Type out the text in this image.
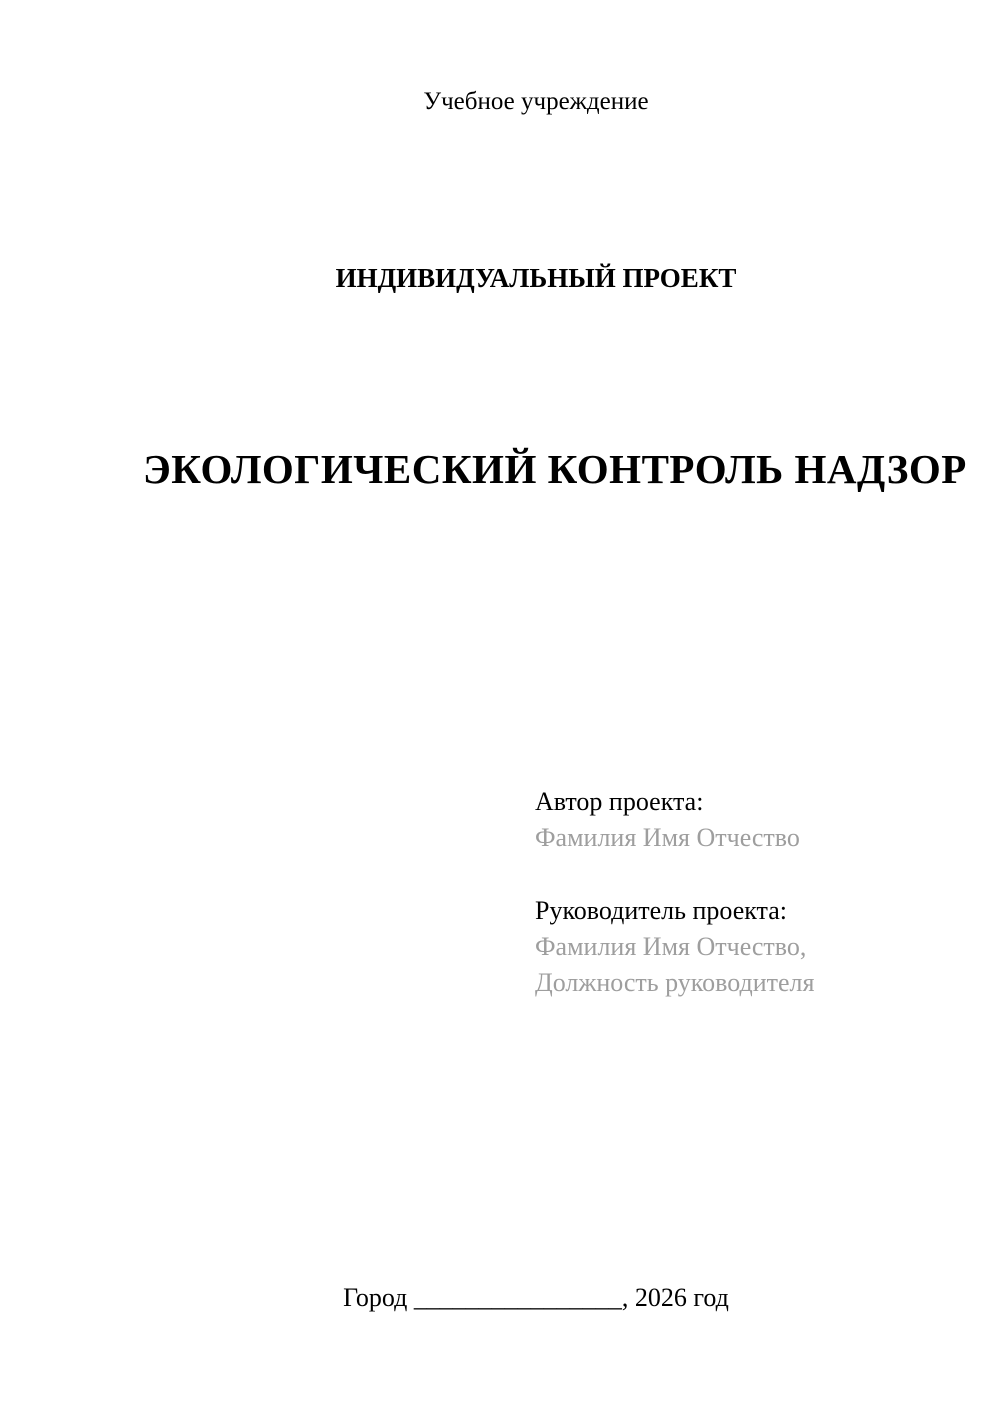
Учебное учреждение
ИНДИВИДУАЛЬНЫЙ ПРОЕКТ
ЭКОЛОГИЧЕСКИЙ КОНТРОЛЬ НАДЗОР
Автор проекта:
Фамилия Имя Отчество
Руководитель проекта:
Фамилия Имя Отчество,
Должность руководителя
Город ________________, 2026 год
